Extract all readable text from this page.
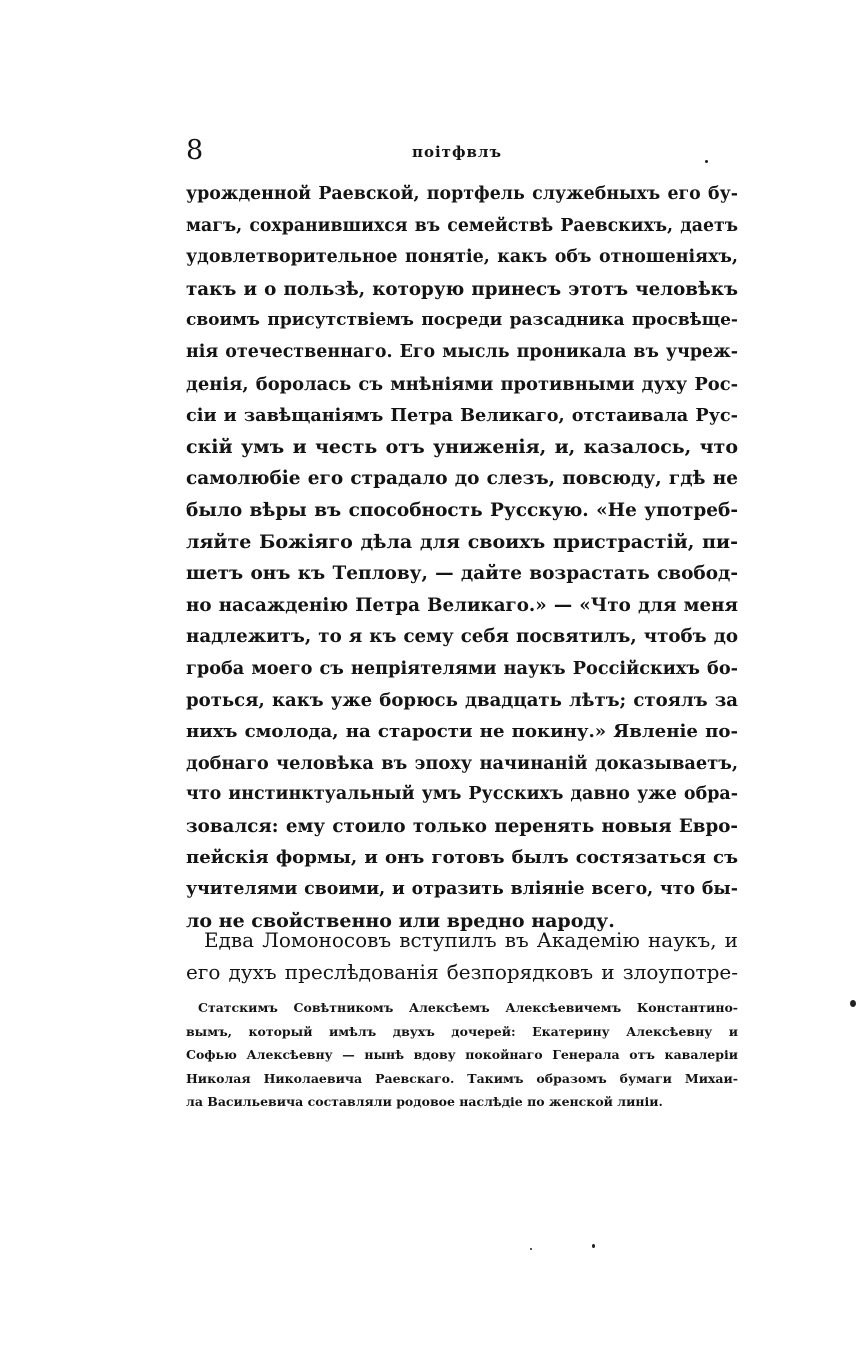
8	пoiтфвлъ
урожденной Раевской, портфель служебныхъ его бу-
магъ, сохранившихся въ семействѣ Раевскихъ, даетъ
удовлетворительное понятіе, какъ объ отношеніяхъ,
такъ и о пользѣ, которую принесъ этотъ человѣкъ
своимъ присутствіемъ посреди разсадника просвѣще-
нія отечественнаго. Его мысль проникала въ учреж-
денія, боролась съ мнѣніями противными духу Рос-
сіи и завѣщаніямъ Петра Великаго, отстаивала Рус-
скій умъ и честь отъ униженія, и, казалось, что
самолюбіе его страдало до слезъ, повсюду, гдѣ не
было вѣры въ способность Русскую. «Не употреб-
ляйте Божіяго дѣла для своихъ пристрастій, пи-
шетъ онъ къ Теплову, — дайте возрастать свобод-
но насажденію Петра Великаго.» — «Что для меня
надлежитъ, то я къ сему себя посвятилъ, чтобъ до
гроба моего съ непріятелями наукъ Россійскихъ бо-
роться, какъ уже борюсь двадцать лѣтъ; стоялъ за
нихъ смолода, на старости не покину.» Явленіе по-
добнаго человѣка въ эпоху начинаній доказываетъ,
что инстинктуальный умъ Русскихъ давно уже обра-
зовался: ему стоило только перенять новыя Евро-
пейскія формы, и онъ готовъ былъ состязаться съ
учителями своими, и отразить вліяніе всего, что бы-
ло не свойственно или вредно народу.
Едва Ломоносовъ вступилъ въ Академію наукъ, и
его духъ преслѣдованія безпорядковъ и злоупотре-
Статскимъ Совѣтникомъ Алексѣемъ Алексѣевичемъ Константино-
вымъ, который имѣлъ двухъ дочерей: Екатерину Алексѣевну и
Софью Алексѣевну — нынѣ вдову покойнаго Генерала отъ кавалеріи
Николая Николаевича Раевскаго. Такимъ образомъ бумаги Михаи-
ла Васильевича составляли родовое наслѣдіе по женской линіи.
